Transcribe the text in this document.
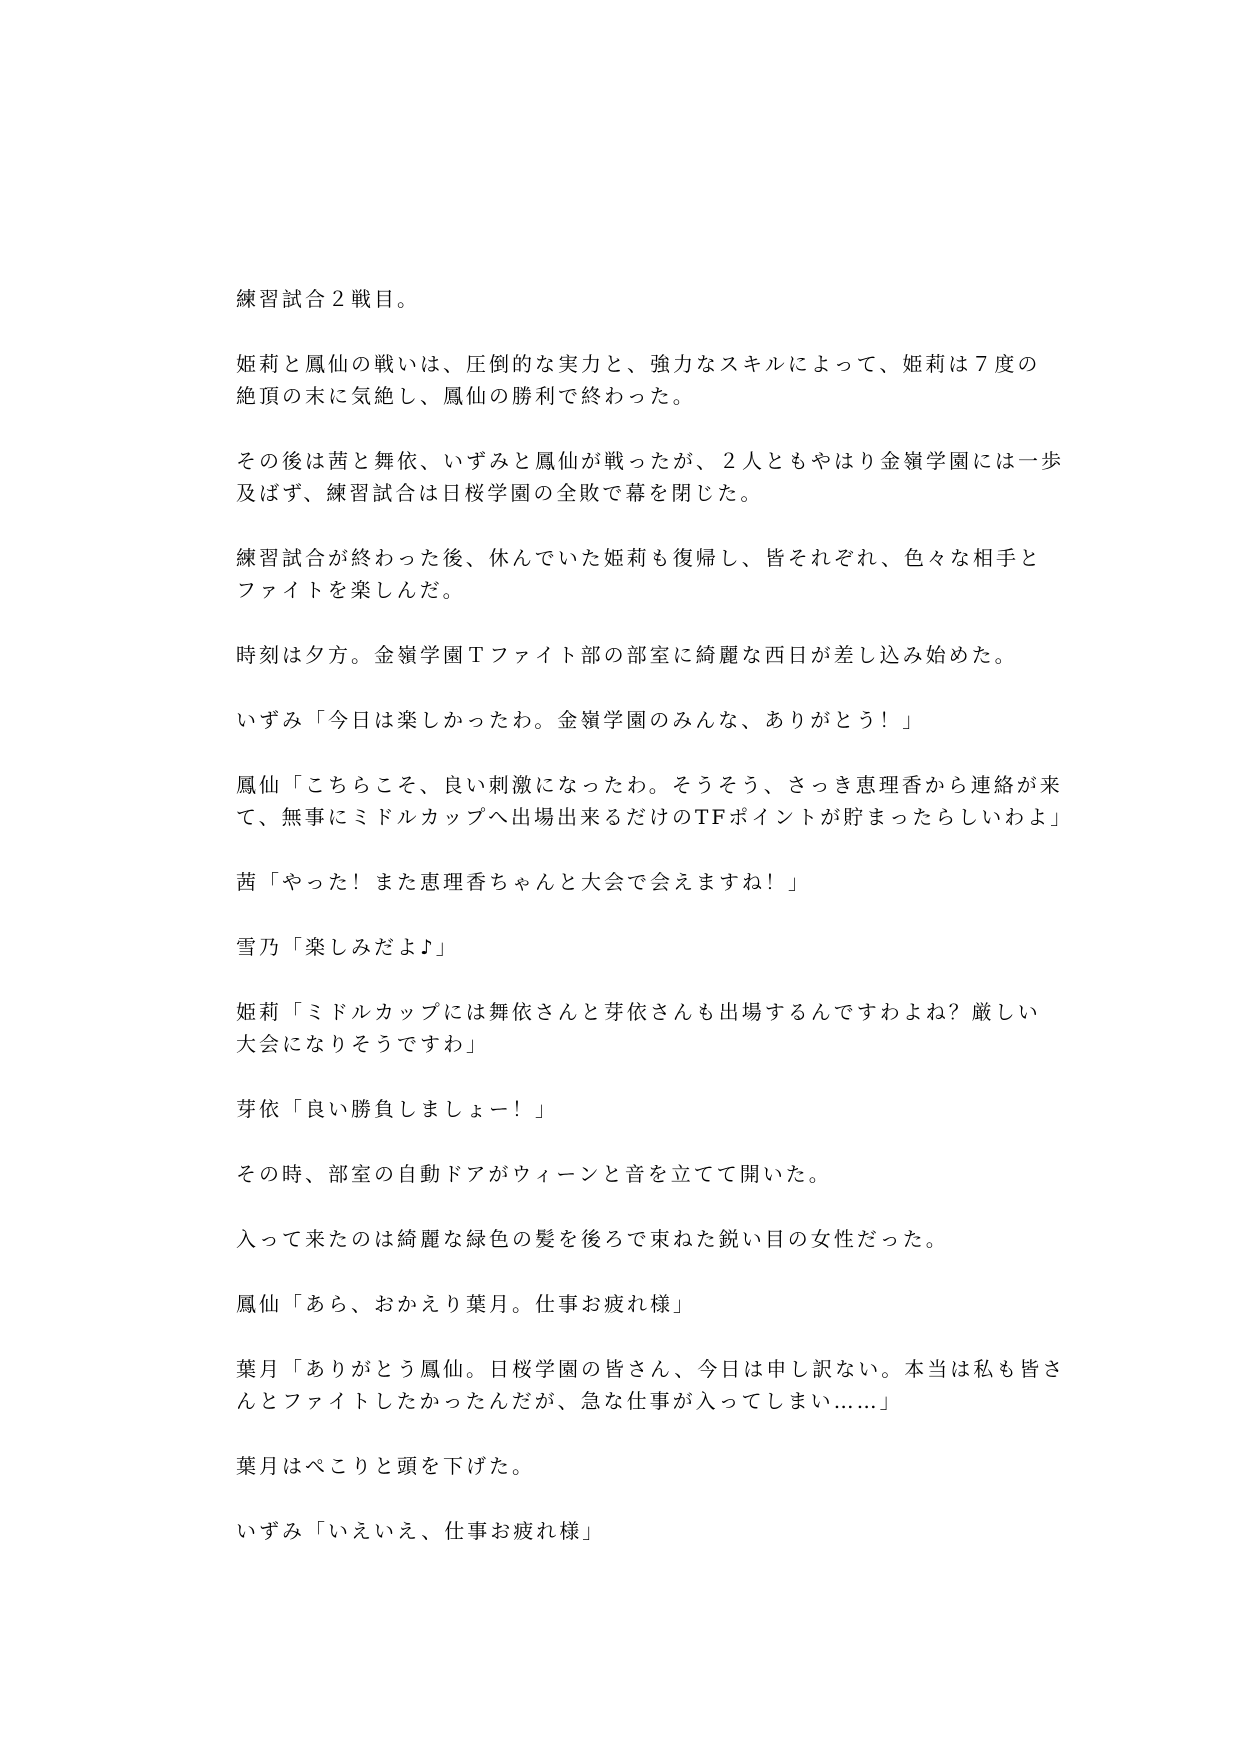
練習試合２戦目。
姫莉と鳳仙の戦いは、圧倒的な実力と、強力なスキルによって、姫莉は７度の
絶頂の末に気絶し、鳳仙の勝利で終わった。
その後は茜と舞依、いずみと鳳仙が戦ったが、２人ともやはり金嶺学園には一歩
及ばず、練習試合は日桜学園の全敗で幕を閉じた。
練習試合が終わった後、休んでいた姫莉も復帰し、皆それぞれ、色々な相手と
ファイトを楽しんだ。
時刻は夕方。金嶺学園Ｔファイト部の部室に綺麗な西日が差し込み始めた。
いずみ「今日は楽しかったわ。金嶺学園のみんな、ありがとう！」
鳳仙「こちらこそ、良い刺激になったわ。そうそう、さっき恵理香から連絡が来
て、無事にミドルカップへ出場出来るだけのTFポイントが貯まったらしいわよ」
茜「やった！また恵理香ちゃんと大会で会えますね！」
雪乃「楽しみだよ♪」
姫莉「ミドルカップには舞依さんと芽依さんも出場するんですわよね？厳しい
大会になりそうですわ」
芽依「良い勝負しましょー！」
その時、部室の自動ドアがウィーンと音を立てて開いた。
入って来たのは綺麗な緑色の髪を後ろで束ねた鋭い目の女性だった。
鳳仙「あら、おかえり葉月。仕事お疲れ様」
葉月「ありがとう鳳仙。日桜学園の皆さん、今日は申し訳ない。本当は私も皆さ
んとファイトしたかったんだが、急な仕事が入ってしまい……」
葉月はぺこりと頭を下げた。
いずみ「いえいえ、仕事お疲れ様」
